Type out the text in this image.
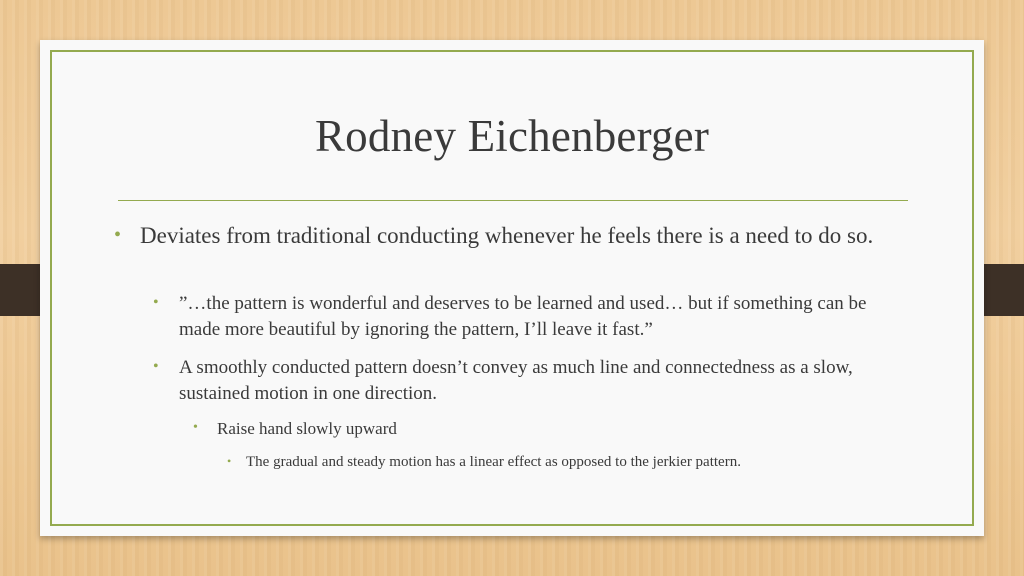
Rodney Eichenberger
• Deviates from traditional conducting whenever he feels there is a need to do so.
• ”…the pattern is wonderful and deserves to be learned and used… but if something can be made more beautiful by ignoring the pattern, I’ll leave it fast.”
• A smoothly conducted pattern doesn’t convey as much line and connectedness as a slow, sustained motion in one direction.
• Raise hand slowly upward
• The gradual and steady motion has a linear effect as opposed to the jerkier pattern.
